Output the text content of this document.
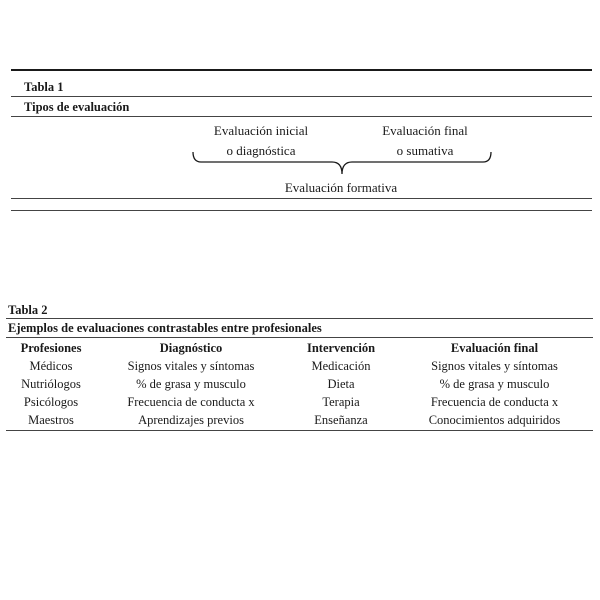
Tabla 1
Tipos de evaluación
Evaluación inicial
o diagnóstica
Evaluación final
o sumativa
Evaluación formativa
Tabla 2
Ejemplos de evaluaciones contrastables entre profesionales
Profesiones	Diagnóstico	Intervención	Evaluación final
Médicos	Signos vitales y síntomas	Medicación	Signos vitales y síntomas
Nutriólogos	% de grasa y musculo	Dieta	% de grasa y musculo
Psicólogos	Frecuencia de conducta x	Terapia	Frecuencia de conducta x
Maestros	Aprendizajes previos	Enseñanza	Conocimientos adquiridos
